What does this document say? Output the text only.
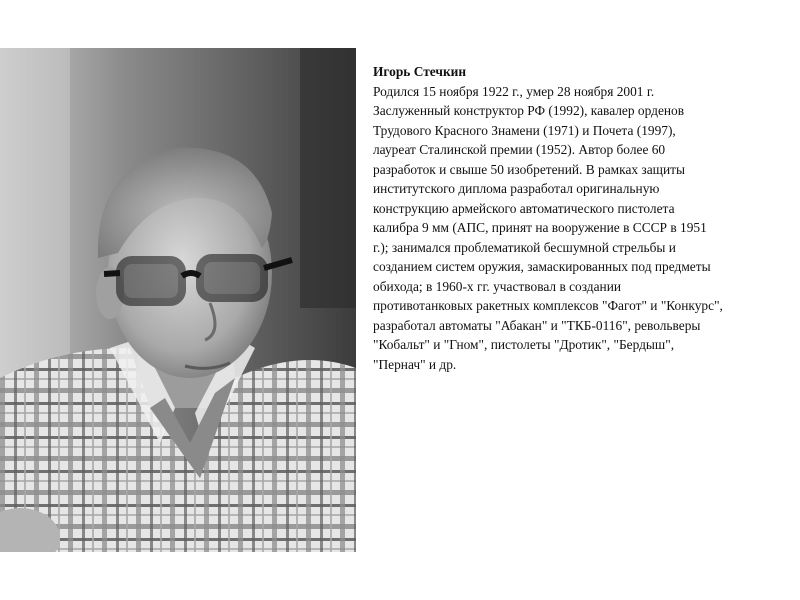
Игорь Стечкин
Родился 15 ноября 1922 г., умер 28 ноября 2001 г.
Заслуженный конструктор РФ (1992), кавалер орденов
Трудового Красного Знамени (1971) и Почета (1997),
лауреат Сталинской премии (1952). Автор более 60
разработок и свыше 50 изобретений. В рамках защиты
институтского диплома разработал оригинальную
конструкцию армейского автоматического пистолета
калибра 9 мм (АПС, принят на вооружение в СССР в 1951
г.); занимался проблематикой бесшумной стрельбы и
созданием систем оружия, замаскированных под предметы
обихода; в 1960-х гг. участвовал в создании
противотанковых ракетных комплексов "Фагот" и "Конкурс",
разработал автоматы "Абакан" и "ТКБ-0116", револьверы
"Кобальт" и "Гном", пистолеты "Дротик", "Бердыш",
"Пернач" и др.
